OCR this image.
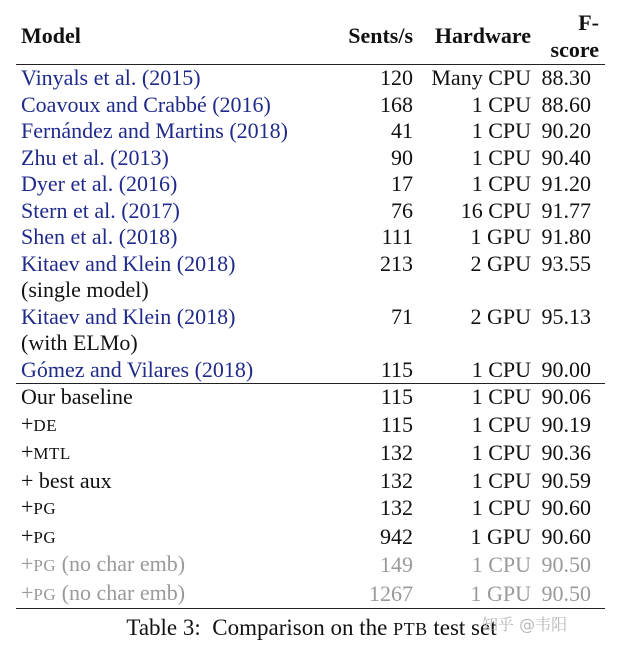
Model	Sents/s	Hardware	F-score
Vinyals et al. (2015)	120	Many CPU	88.30
Coavoux and Crabbé (2016)	168	1 CPU	88.60
Fernández and Martins (2018)	41	1 CPU	90.20
Zhu et al. (2013)	90	1 CPU	90.40
Dyer et al. (2016)	17	1 CPU	91.20
Stern et al. (2017)	76	16 CPU	91.77
Shen et al. (2018)	111	1 GPU	91.80
Kitaev and Klein (2018)	213	2 GPU	93.55
(single model)			
Kitaev and Klein (2018)	71	2 GPU	95.13
(with ELMo)			
Gómez and Vilares (2018)	115	1 CPU	90.00
Our baseline	115	1 CPU	90.06
+DE	115	1 CPU	90.19
+MTL	132	1 CPU	90.36
+ best aux	132	1 CPU	90.59
+PG	132	1 CPU	90.60
+PG	942	1 GPU	90.60
+PG (no char emb)	149	1 CPU	90.50
+PG (no char emb)	1267	1 GPU	90.50
Table 3: Comparison on the PTB test set
知乎 @韦阳
